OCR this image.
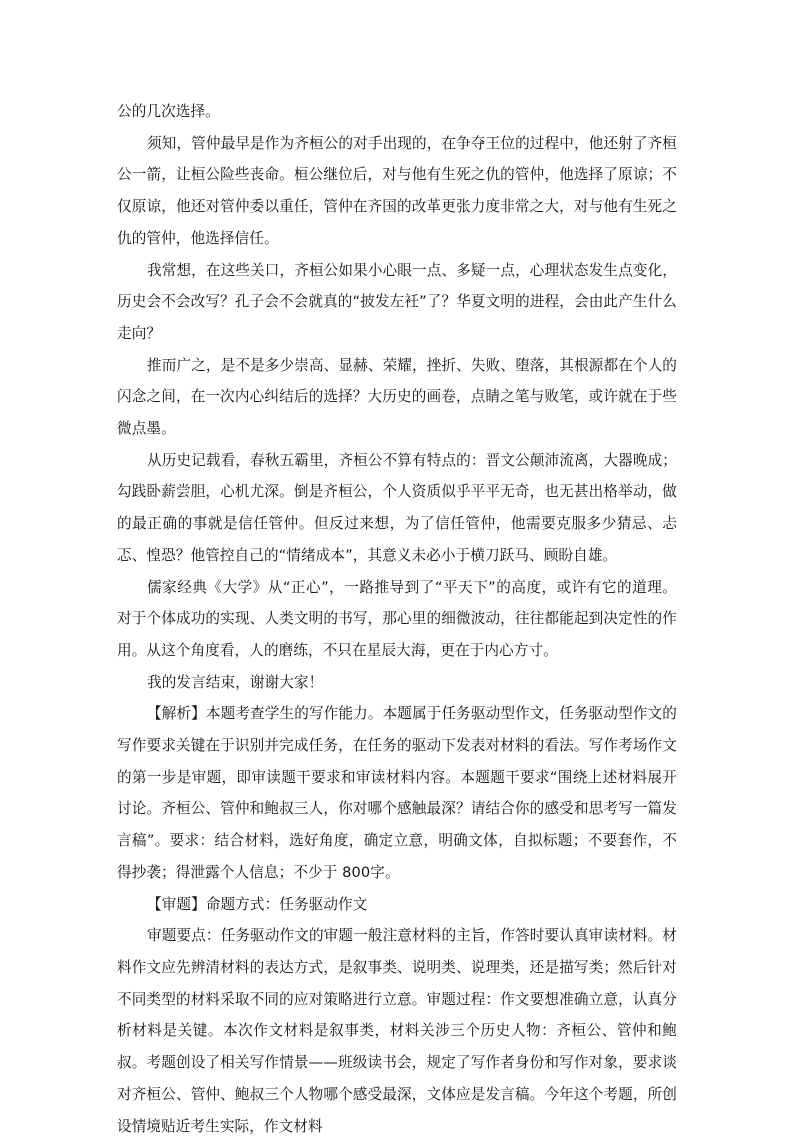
公的几次选择。

须知，管仲最早是作为齐桓公的对手出现的，在争夺王位的过程中，他还射了齐桓公一箭，让桓公险些丧命。桓公继位后，对与他有生死之仇的管仲，他选择了原谅；不仅原谅，他还对管仲委以重任，管仲在齐国的改革更张力度非常之大，对与他有生死之仇的管仲，他选择信任。

我常想，在这些关口，齐桓公如果小心眼一点、多疑一点，心理状态发生点变化，历史会不会改写？孔子会不会就真的“披发左衽”了？华夏文明的进程，会由此产生什么走向？

推而广之，是不是多少崇高、显赫、荣耀，挫折、失败、堕落，其根源都在个人的闪念之间，在一次内心纠结后的选择？大历史的画卷，点睛之笔与败笔，或许就在于些微点墨。

从历史记载看，春秋五霸里，齐桓公不算有特点的：晋文公颠沛流离，大器晚成；勾践卧薪尝胆，心机尤深。倒是齐桓公，个人资质似乎平平无奇，也无甚出格举动，做的最正确的事就是信任管仲。但反过来想，为了信任管仲，他需要克服多少猜忌、忐忑、惶恐？他管控自己的“情绪成本”，其意义未必小于横刀跃马、顾盼自雄。

儒家经典《大学》从“正心”，一路推导到了“平天下”的高度，或许有它的道理。对于个体成功的实现、人类文明的书写，那心里的细微波动，往往都能起到决定性的作用。从这个角度看，人的磨练，不只在星辰大海，更在于内心方寸。

我的发言结束，谢谢大家！

【解析】本题考查学生的写作能力。本题属于任务驱动型作文，任务驱动型作文的写作要求关键在于识别并完成任务，在任务的驱动下发表对材料的看法。写作考场作文的第一步是审题，即审读题干要求和审读材料内容。本题题干要求“围绕上述材料展开讨论。齐桓公、管仲和鲍叔三人，你对哪个感触最深？请结合你的感受和思考写一篇发言稿”。要求：结合材料，选好角度，确定立意，明确文体，自拟标题；不要套作，不得抄袭；得泄露个人信息；不少于 800字。

【审题】命题方式：任务驱动作文

审题要点：任务驱动作文的审题一般注意材料的主旨，作答时要认真审读材料。材料作文应先辨清材料的表达方式，是叙事类、说明类、说理类，还是描写类；然后针对不同类型的材料采取不同的应对策略进行立意。审题过程：作文要想准确立意，认真分析材料是关键。本次作文材料是叙事类，材料关涉三个历史人物：齐桓公、管仲和鲍叔。考题创设了相关写作情景——班级读书会，规定了写作者身份和写作对象，要求谈对齐桓公、管仲、鲍叔三个人物哪个感受最深，文体应是发言稿。今年这个考题，所创设情境贴近考生实际，作文材料
